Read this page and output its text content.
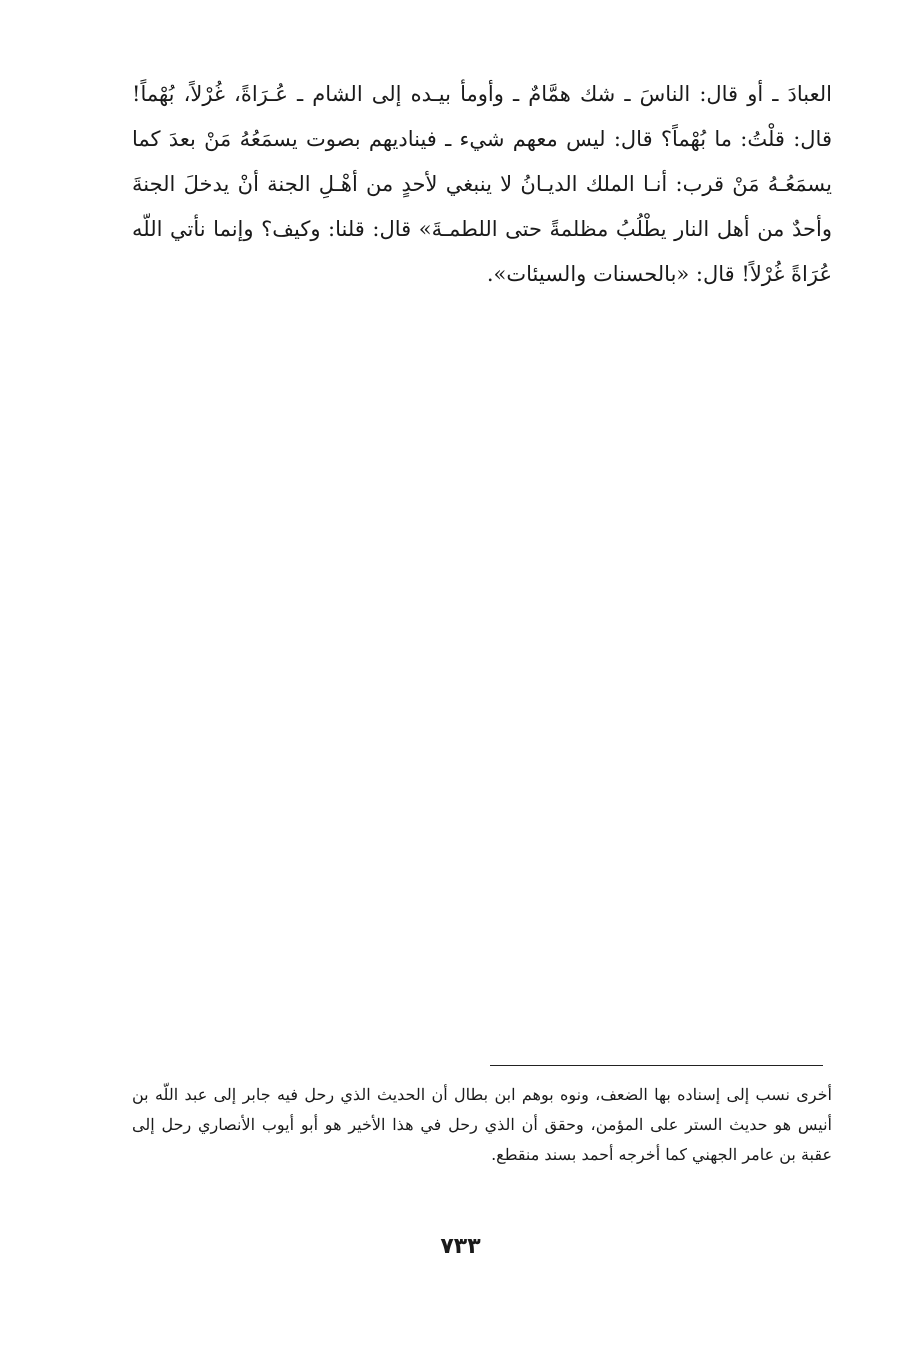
العبادَ ـ أو قال: الناسَ ـ شك همَّامٌ ـ وأومأ بيـده إلى الشام ـ عُـرَاةً، غُرْلاً، بُهْماً! قال: قلْتُ: ما بُهْماً؟ قال: ليس معهم شيء ـ فيناديهم بصوت يسمَعُهُ مَنْ بعدَ كما يسمَعُـهُ مَنْ قرب: أنـا الملك الديـانُ لا ينبغي لأحدٍ من أهْـلِ الجنة أنْ يدخلَ الجنةَ وأحدٌ من أهل النار يطْلُبُ مظلمةً حتى اللطمـةَ» قال: قلنا: وكيف؟ وإنما نأتي اللّه عُرَاةً غُرْلاً! قال: «بالحسنات والسيئات».

أخرى نسب إلى إسناده بها الضعف، ونوه بوهم ابن بطال أن الحديث الذي رحل فيه جابر إلى عبد اللّه بن أنيس هو حديث الستر على المؤمن، وحقق أن الذي رحل في هذا الأخير هو أبو أيوب الأنصاري رحل إلى عقبة بن عامر الجهني كما أخرجه أحمد بسند منقطع.

٧٣٣
